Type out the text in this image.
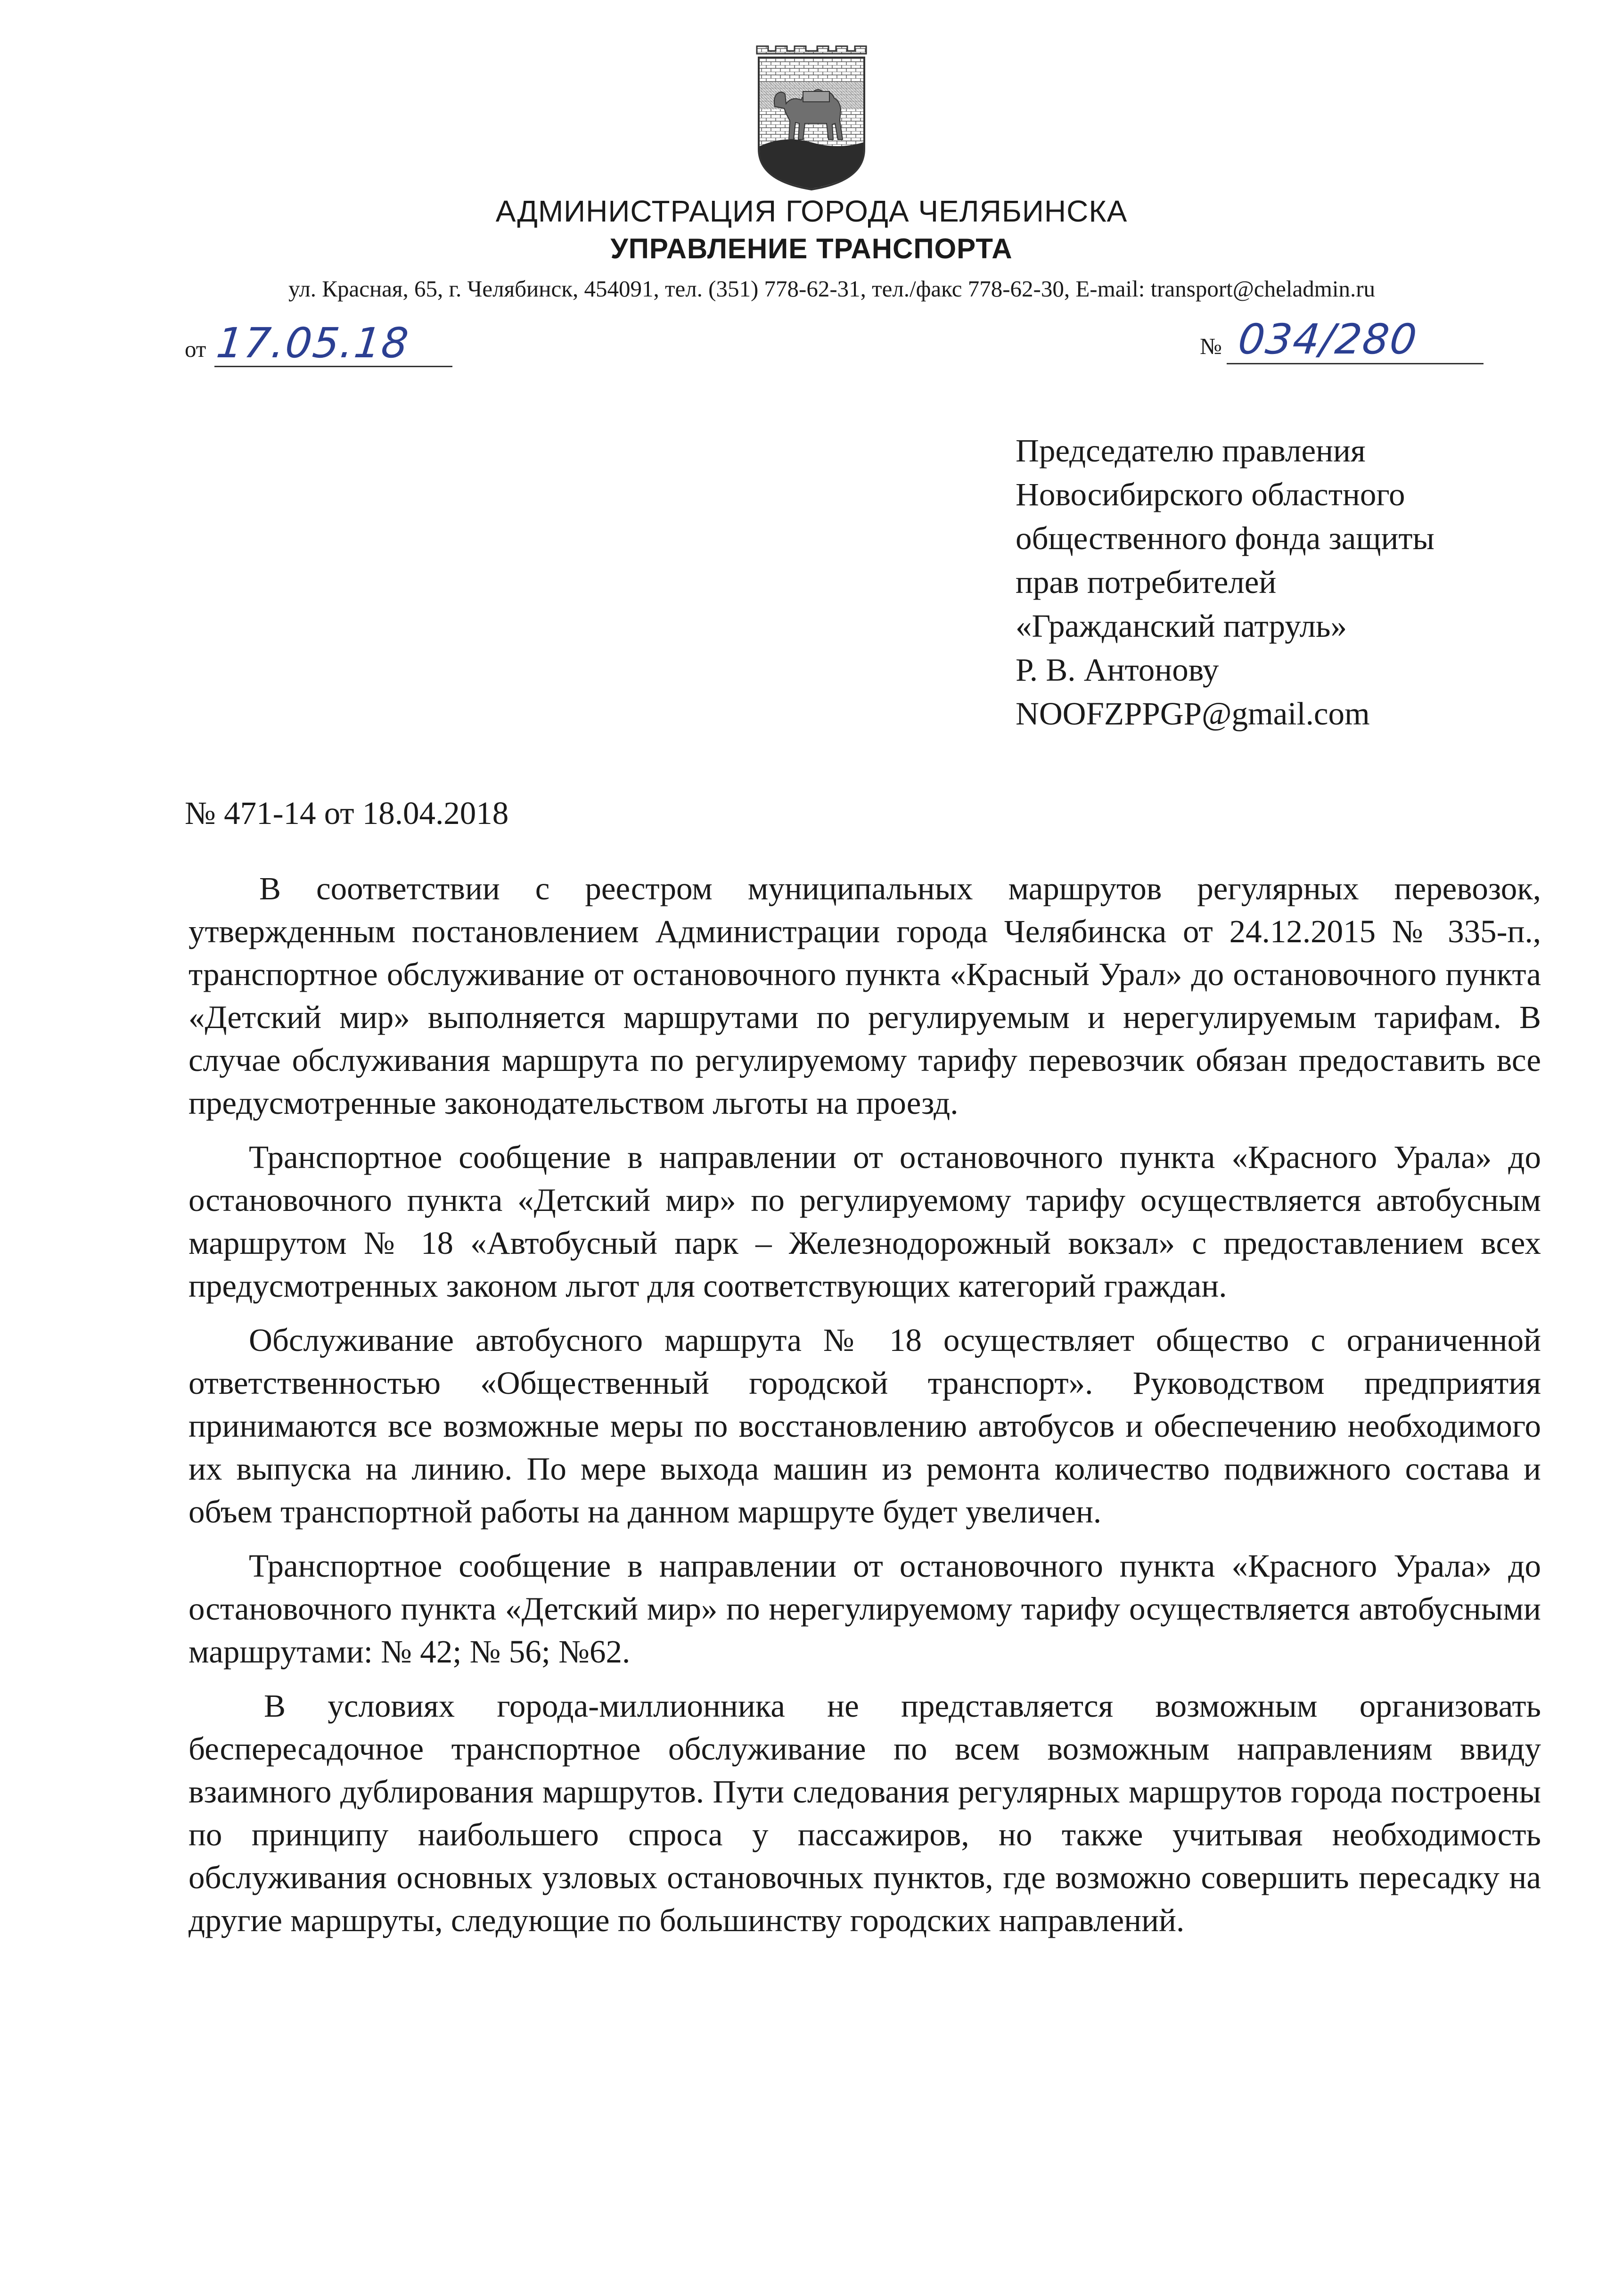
АДМИНИСТРАЦИЯ ГОРОДА ЧЕЛЯБИНСКА
УПРАВЛЕНИЕ ТРАНСПОРТА
ул. Красная, 65, г. Челябинск, 454091, тел. (351) 778-62-31, тел./факс 778-62-30, E-mail: transport@cheladmin.ru
от 17.05.18	№ 034/280
Председателю правления
Новосибирского областного
общественного фонда защиты
прав потребителей
«Гражданский патруль»
Р. В. Антонову
NOOFZPPGP@gmail.com
№ 471-14 от 18.04.2018

В соответствии с реестром муниципальных маршрутов регулярных перевозок, утвержденным постановлением Администрации города Челябинска от 24.12.2015 № 335-п., транспортное обслуживание от остановочного пункта «Красный Урал» до остановочного пункта «Детский мир» выполняется маршрутами по регулируемым и нерегулируемым тарифам. В случае обслуживания маршрута по регулируемому тарифу перевозчик обязан предоставить все предусмотренные законодательством льготы на проезд.

Транспортное сообщение в направлении от остановочного пункта «Красного Урала» до остановочного пункта «Детский мир» по регулируемому тарифу осуществляется автобусным маршрутом № 18 «Автобусный парк – Железнодорожный вокзал» с предоставлением всех предусмотренных законом льгот для соответствующих категорий граждан.

Обслуживание автобусного маршрута № 18 осуществляет общество с ограниченной ответственностью «Общественный городской транспорт». Руководством предприятия принимаются все возможные меры по восстановлению автобусов и обеспечению необходимого их выпуска на линию. По мере выхода машин из ремонта количество подвижного состава и объем транспортной работы на данном маршруте будет увеличен.

Транспортное сообщение в направлении от остановочного пункта «Красного Урала» до остановочного пункта «Детский мир» по нерегулируемому тарифу осуществляется автобусными маршрутами: № 42; № 56; №62.

В условиях города-миллионника не представляется возможным организовать беспересадочное транспортное обслуживание по всем возможным направлениям ввиду взаимного дублирования маршрутов. Пути следования регулярных маршрутов города построены по принципу наибольшего спроса у пассажиров, но также учитывая необходимость обслуживания основных узловых остановочных пунктов, где возможно совершить пересадку на другие маршруты, следующие по большинству городских направлений.
